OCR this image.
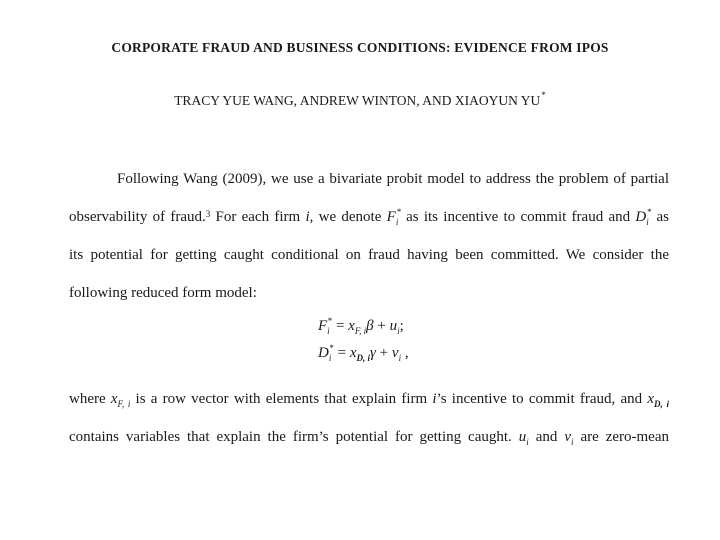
CORPORATE FRAUD AND BUSINESS CONDITIONS: EVIDENCE FROM IPOS
TRACY YUE WANG, ANDREW WINTON, AND XIAOYUN YU*
Following Wang (2009), we use a bivariate probit model to address the problem of partial
observability of fraud.$^3$ For each firm i, we denote $F_i^*$ as its incentive to commit fraud and $D_i^*$ as
its potential for getting caught conditional on fraud having been committed. We consider the
following reduced form model:
$F_i^* = x_{F, i}\beta + u_i$;
$D_i^* = x_{D, i}\gamma + v_i$ ,
where $x_{F, i}$ is a row vector with elements that explain firm i’s incentive to commit fraud, and $x_{D, i}$
contains variables that explain the firm’s potential for getting caught. $u_i$ and $v_i$ are zero-mean
